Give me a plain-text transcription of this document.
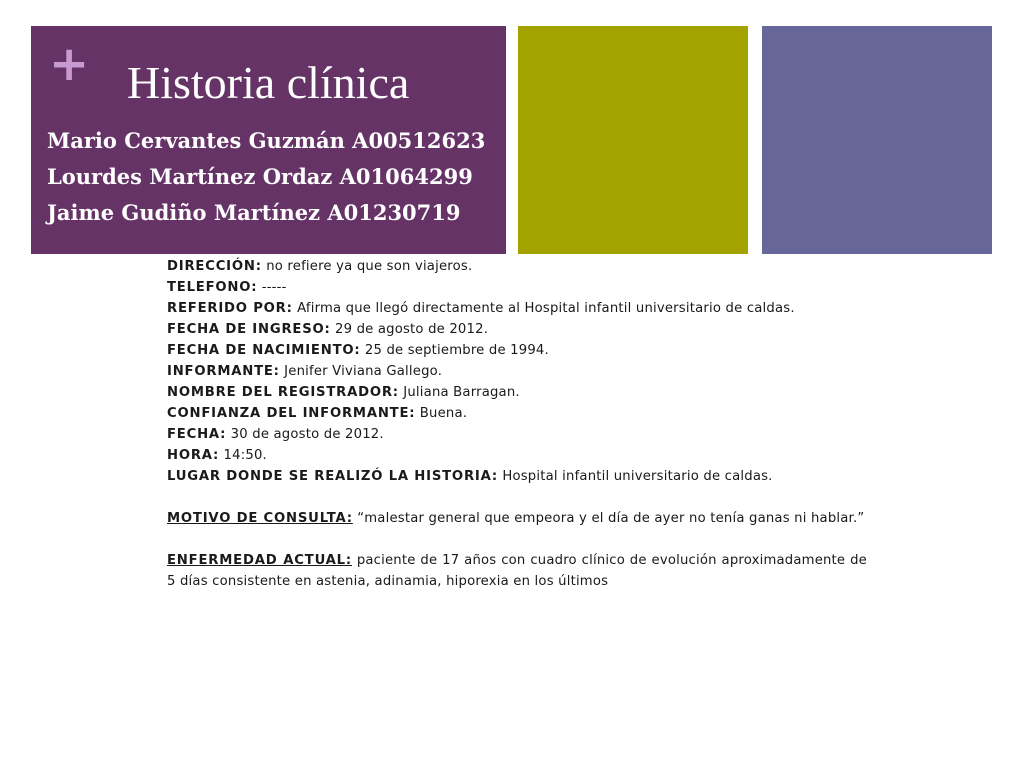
+ Historia clínica
Mario Cervantes Guzmán A00512623
Lourdes Martínez Ordaz A01064299
Jaime Gudiño Martínez A01230719

DIRECCIÓN: no refiere ya que son viajeros.

TELEFONO: -----

REFERIDO POR: Afirma que llegó directamente al Hospital infantil universitario de caldas.

FECHA DE INGRESO: 29 de agosto de 2012.

FECHA DE NACIMIENTO: 25 de septiembre de 1994.

INFORMANTE: Jenifer Viviana Gallego.

NOMBRE DEL REGISTRADOR: Juliana Barragan.

CONFIANZA DEL INFORMANTE: Buena.

FECHA: 30 de agosto de 2012.

HORA: 14:50.

LUGAR DONDE SE REALIZÓ LA HISTORIA: Hospital infantil universitario de caldas.

MOTIVO DE CONSULTA: “malestar general que empeora y el día de ayer no tenía ganas ni hablar.”

ENFERMEDAD ACTUAL: paciente de 17 años con cuadro clínico de evolución aproximadamente de 5 días consistente en astenia, adinamia, hiporexia en los últimos
